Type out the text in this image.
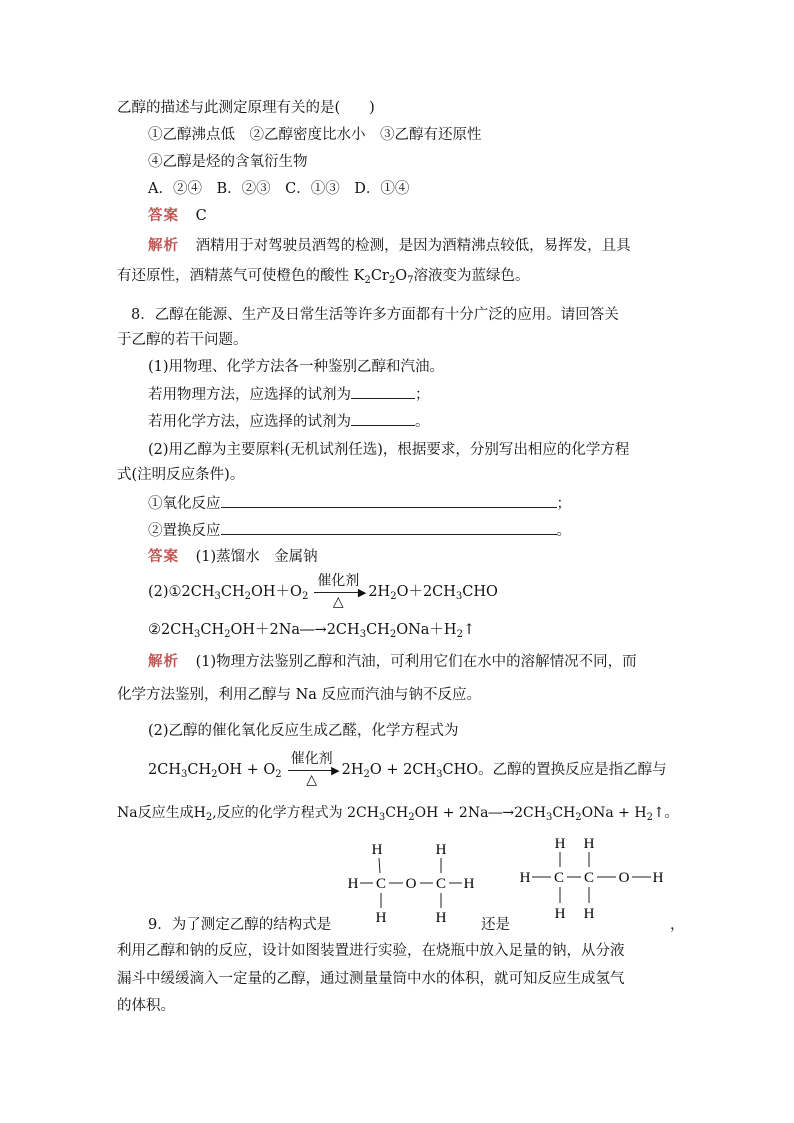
乙醇的描述与此测定原理有关的是(　　)
①乙醇沸点低　②乙醇密度比水小　③乙醇有还原性
④乙醇是烃的含氧衍生物
A．②④　B．②③　C．①③　D．①④
答案 C
解析 酒精用于对驾驶员酒驾的检测，是因为酒精沸点较低，易挥发，且具
有还原性，酒精蒸气可使橙色的酸性 $K_2Cr_2O_7$溶液变为蓝绿色。
8．乙醇在能源、生产及日常生活等许多方面都有十分广泛的应用。请回答关
于乙醇的若干问题。
(1)用物理、化学方法各一种鉴别乙醇和汽油。
若用物理方法，应选择的试剂为	；
若用化学方法，应选择的试剂为	。
(2)用乙醇为主要原料(无机试剂任选)，根据要求，分别写出相应的化学方程
式(注明反应条件)。
①氧化反应	；
②置换反应	。
答案 (1)蒸馏水　金属钠
$(2)①2CH_3CH_2OH+O_2$
催化剂
▶
△
$2H_2O+2CH_3CHO$
$②2CH_3CH_2OH+2Na―\to 2CH_3CH_2ONa+H_2↑$
解析 (1)物理方法鉴别乙醇和汽油，可利用它们在水中的溶解情况不同，而
化学方法鉴别，利用乙醇与 Na 反应而汽油与钠不反应。
(2)乙醇的催化氧化反应生成乙醛，化学方程式为
$2CH_3CH_2OH + O_2$
催化剂
▶
△
$2H_2O + 2CH_3CHO$。乙醇的置换反应是指乙醇与
Na反应生成$H_2$,反应的化学方程式为 $2CH_3CH_2OH$ + $2Na―\to 2CH_3CH_2ONa$ + $H_2↑$。
H	H
H C O C H
H	H
H H
H C C O H
H H
9．为了测定乙醇的结构式是	还是	，
利用乙醇和钠的反应，设计如图装置进行实验，在烧瓶中放入足量的钠，从分液
漏斗中缓缓滴入一定量的乙醇，通过测量量筒中水的体积，就可知反应生成氢气
的体积。
